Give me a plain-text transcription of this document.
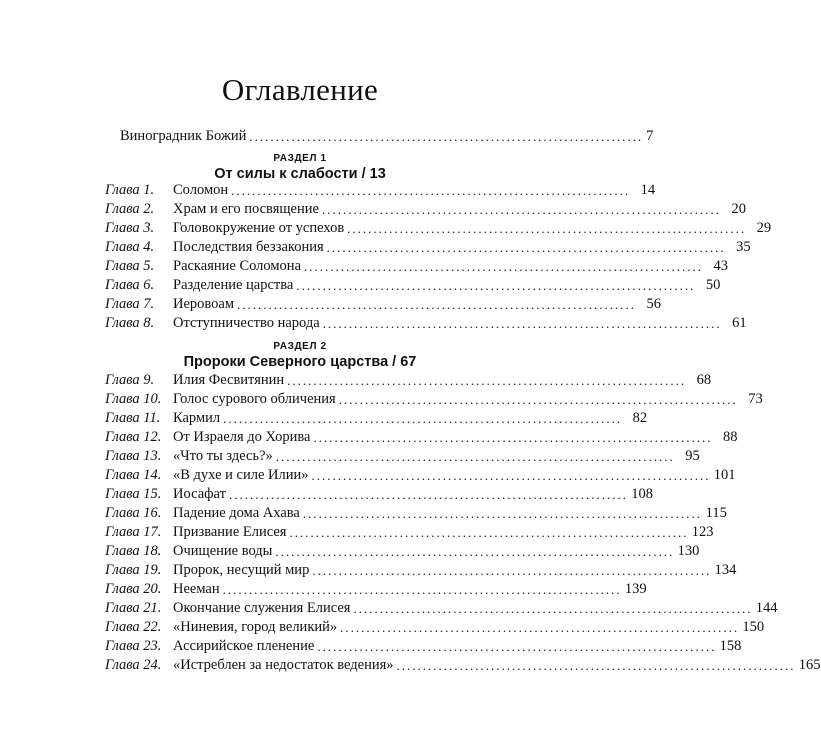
Оглавление
Виноградник Божий ........................................................................... 7
РАЗДЕЛ 1
От силы к слабости / 13
Глава 1.	Соломон ............................................................................ 14
Глава 2.	Храм и его посвящение ............................................................................ 20
Глава 3.	Головокружение от успехов ............................................................................ 29
Глава 4.	Последствия беззакония ............................................................................ 35
Глава 5.	Раскаяние Соломона ............................................................................ 43
Глава 6.	Разделение царства ............................................................................ 50
Глава 7.	Иеровоам ............................................................................ 56
Глава 8.	Отступничество народа ............................................................................ 61
РАЗДЕЛ 2
Пророки Северного царства / 67
Глава 9.	Илия Фесвитянин ............................................................................ 68
Глава 10. Голос сурового обличения ............................................................................ 73
Глава 11. Кармил ............................................................................ 82
Глава 12. От Израеля до Хорива ............................................................................ 88
Глава 13. «Что ты здесь?» ............................................................................ 95
Глава 14. «В духе и силе Илии» ............................................................................ 101
Глава 15. Иосафат ............................................................................ 108
Глава 16. Падение дома Ахава ............................................................................ 115
Глава 17. Призвание Елисея ............................................................................ 123
Глава 18. Очищение воды ............................................................................ 130
Глава 19. Пророк, несущий мир ............................................................................ 134
Глава 20. Нееман ............................................................................ 139
Глава 21. Окончание служения Елисея ............................................................................ 144
Глава 22. «Ниневия, город великий» ............................................................................ 150
Глава 23. Ассирийское пленение ............................................................................ 158
Глава 24. «Истреблен за недостаток ведения» ............................................................................ 165
